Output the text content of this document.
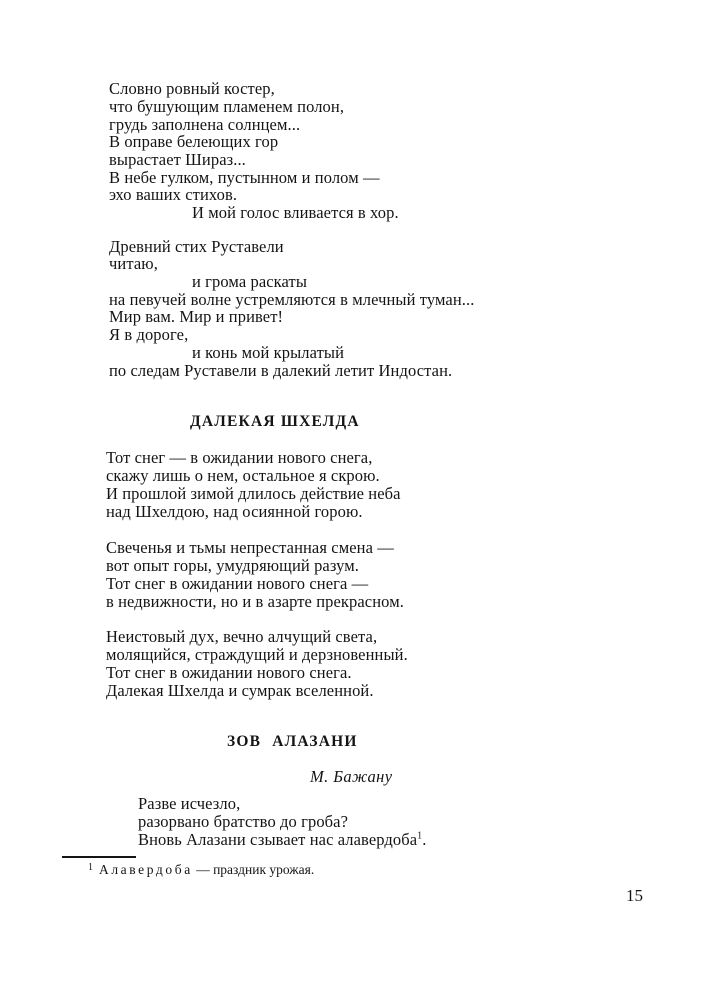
Словно ровный костер,
что бушующим пламенем полон,
грудь заполнена солнцем...
В оправе белеющих гор
вырастает Шираз...
В небе гулком, пустынном и полом —
эхо ваших стихов.
И мой голос вливается в хор.
Древний стих Руставели
читаю,
и грома раскаты
на певучей волне устремляются в млечный туман...
Мир вам. Мир и привет!
Я в дороге,
и конь мой крылатый
по следам Руставели в далекий летит Индостан.
ДАЛЕКАЯ ШХЕЛДА
Тот снег — в ожидании нового снега,
скажу лишь о нем, остальное я скрою.
И прошлой зимой длилось действие неба
над Шхелдою, над осиянной горою.
Свеченья и тьмы непрестанная смена —
вот опыт горы, умудряющий разум.
Тот снег в ожидании нового снега —
в недвижности, но и в азарте прекрасном.
Неистовый дух, вечно алчущий света,
молящийся, страждущий и дерзновенный.
Тот снег в ожидании нового снега.
Далекая Шхелда и сумрак вселенной.
ЗОВ АЛАЗАНИ
М. Бажану
Разве исчезло,
разорвано братство до гроба?
Вновь Алазани сзывает нас алавердоба$^1$.
$^1$ Алавердоба — праздник урожая.
15
